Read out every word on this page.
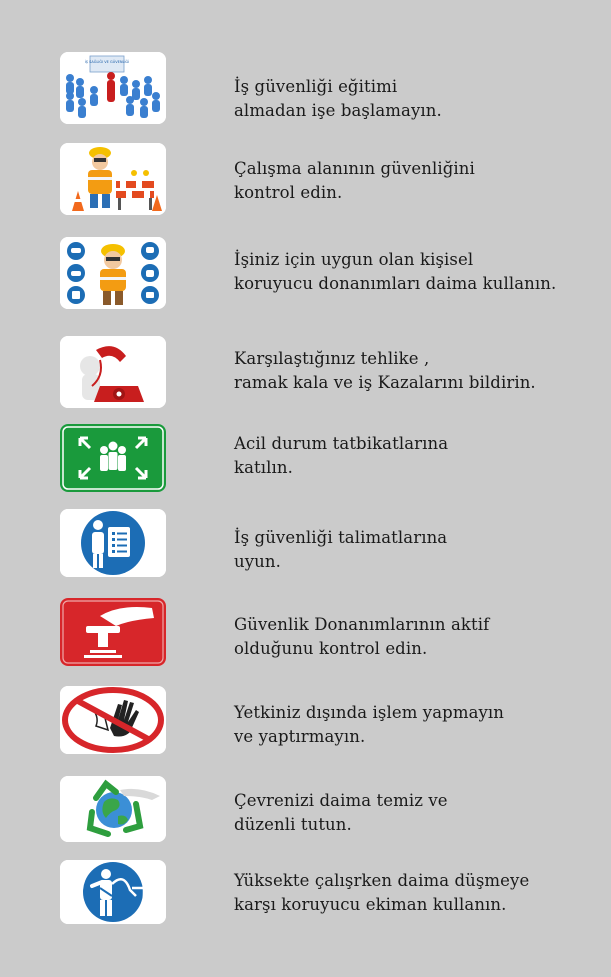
İŞ SAĞLIĞI VE GÜVENLİĞİ
İş güvenliği eğitimi
almadan işe başlamayın.
Çalışma alanının güvenliğini
kontrol edin.
İşiniz için uygun olan kişisel
koruyucu donanımları daima kullanın.
Karşılaştığınız tehlike ,
ramak kala ve iş Kazalarını bildirin.
Acil durum tatbikatlarına
katılın.
İş güvenliği talimatlarına
uyun.
Güvenlik Donanımlarının aktif
olduğunu kontrol edin.
Yetkiniz dışında işlem yapmayın
ve yaptırmayın.
Çevrenizi daima temiz ve
düzenli tutun.
Yüksekte çalışrken daima düşmeye
karşı koruyucu ekiman kullanın.
